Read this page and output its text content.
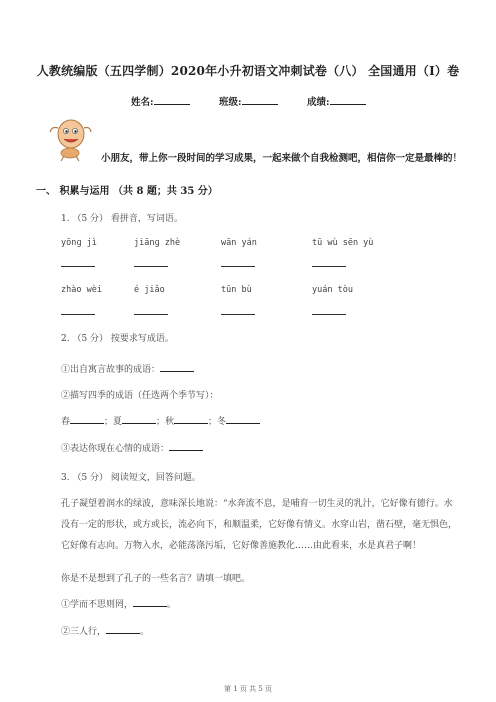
人教统编版（五四学制）2020年小升初语文冲刺试卷（八） 全国通用（I）卷
姓名:	班级:	成绩:
小朋友，带上你一段时间的学习成果，一起来做个自我检测吧，相信你一定是最棒的！
一、 积累与运用 （共 8 题；共 35 分）
1. （5 分） 看拼音，写词语。
yōnɡ jì	jiānɡ zhè	wān yán	tū wù sēn yù
zhào wèi	é jiǎo	tūn bù	yuán tòu
2. （5 分） 按要求写成语。
①出自寓言故事的成语：
②描写四季的成语（任选两个季节写）：
春	；夏	；秋	；冬
③表达你现在心情的成语：
3. （5 分） 阅读短文，回答问题。
孔子凝望着润水的绿波，意味深长地说：“水奔流不息，是哺育一切生灵的乳汁，它好像有德行。水没有一定的形状，或方或长，流必向下，和顺温柔，它好像有情义。水穿山岩，凿石壁，毫无惧色，它好像有志向。万物入水，必能荡涤污垢，它好像善施教化……由此看来，水是真君子啊！
你是不是想到了孔子的一些名言？请填一填吧。
①学而不思则罔，	。
②三人行，	。
第 1 页 共 5 页
